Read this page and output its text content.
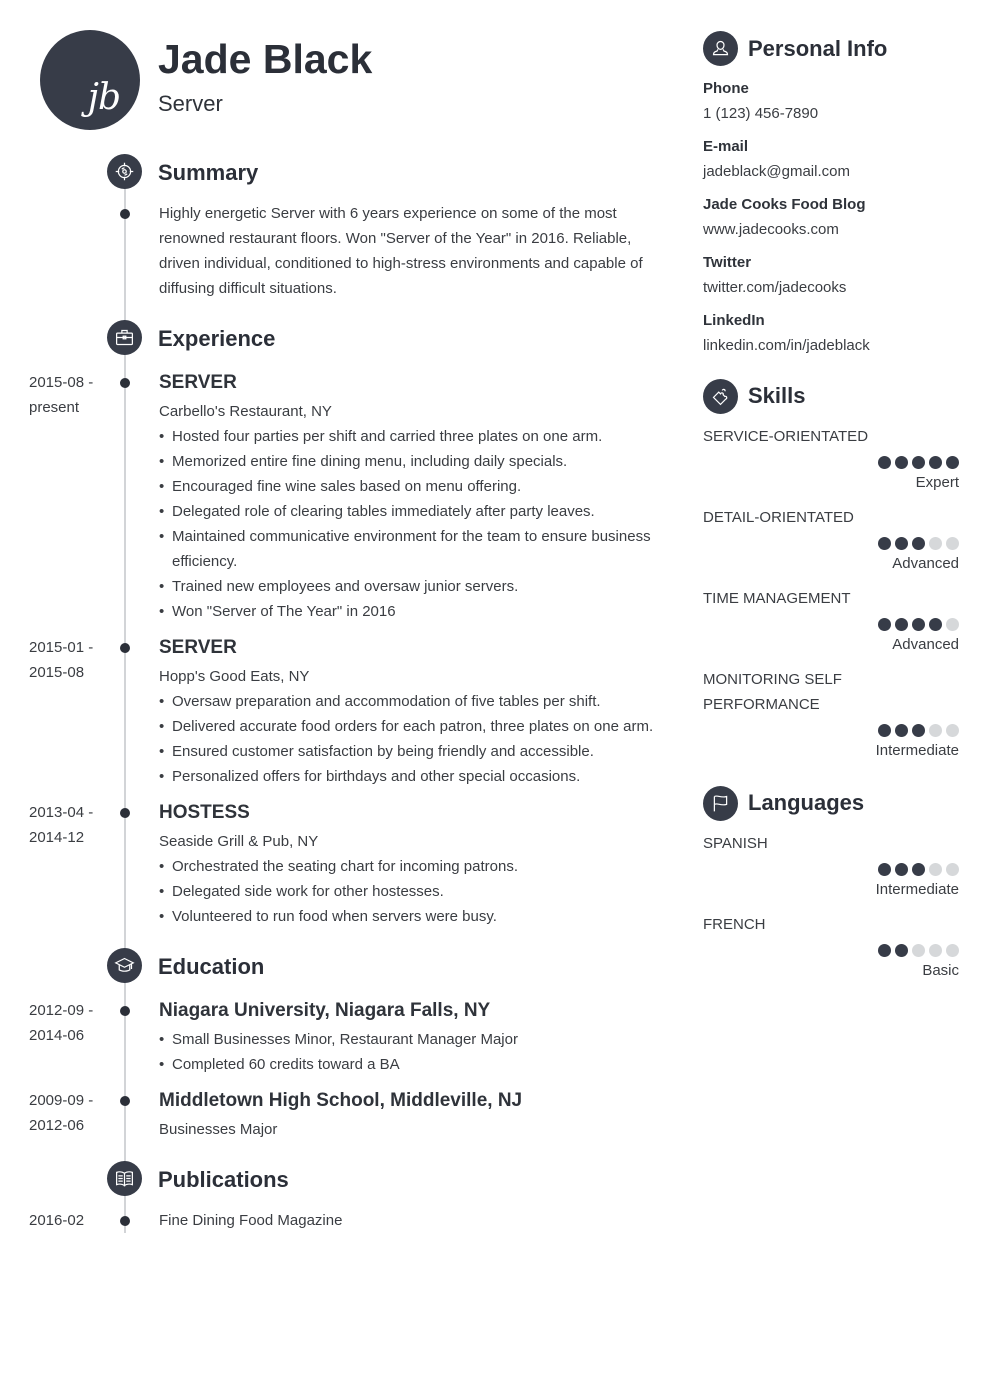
jb
Jade Black
Server
Summary
Highly energetic Server with 6 years experience on some of the most renowned restaurant floors. Won "Server of the Year" in 2016. Reliable, driven individual, conditioned to high-stress environments and capable of diffusing difficult situations.
Experience
2015-08 -
present
SERVER
Carbello's Restaurant, NY
• Hosted four parties per shift and carried three plates on one arm.
• Memorized entire fine dining menu, including daily specials.
• Encouraged fine wine sales based on menu offering.
• Delegated role of clearing tables immediately after party leaves.
• Maintained communicative environment for the team to ensure business efficiency.
• Trained new employees and oversaw junior servers.
• Won "Server of The Year" in 2016
2015-01 -
2015-08
SERVER
Hopp's Good Eats, NY
• Oversaw preparation and accommodation of five tables per shift.
• Delivered accurate food orders for each patron, three plates on one arm.
• Ensured customer satisfaction by being friendly and accessible.
• Personalized offers for birthdays and other special occasions.
2013-04 -
2014-12
HOSTESS
Seaside Grill & Pub, NY
• Orchestrated the seating chart for incoming patrons.
• Delegated side work for other hostesses.
• Volunteered to run food when servers were busy.
Education
2012-09 -
2014-06
Niagara University, Niagara Falls, NY
• Small Businesses Minor, Restaurant Manager Major
• Completed 60 credits toward a BA
2009-09 -
2012-06
Middletown High School, Middleville, NJ
Businesses Major
Publications
2016-02	Fine Dining Food Magazine
Personal Info
Phone
1 (123) 456-7890
E-mail
jadeblack@gmail.com
Jade Cooks Food Blog
www.jadecooks.com
Twitter
twitter.com/jadecooks
LinkedIn
linkedin.com/in/jadeblack
Skills
SERVICE-ORIENTATED
Expert
DETAIL-ORIENTATED
Advanced
TIME MANAGEMENT
Advanced
MONITORING SELF PERFORMANCE
Intermediate
Languages
SPANISH
Intermediate
FRENCH
Basic
